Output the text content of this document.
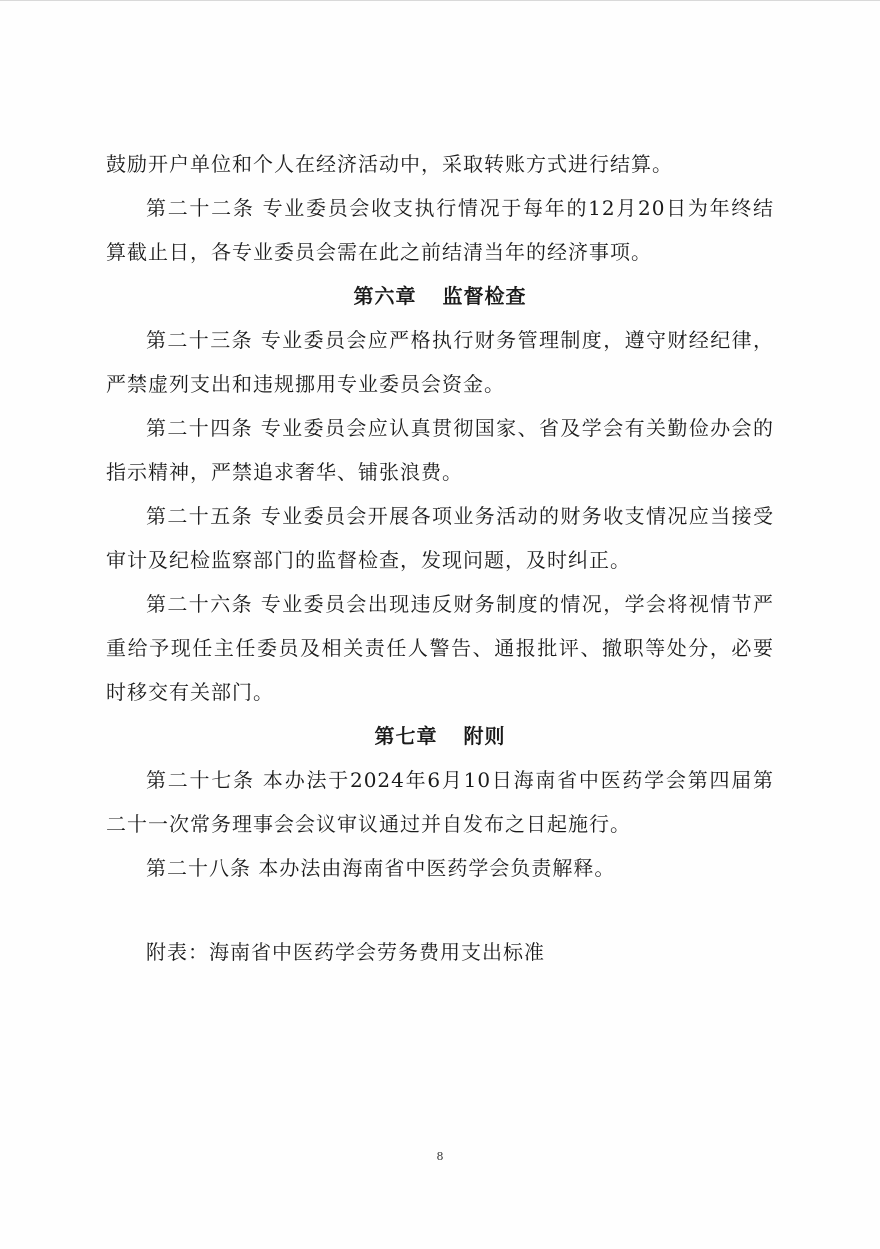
鼓励开户单位和个人在经济活动中，采取转账方式进行结算。

第二十二条 专业委员会收支执行情况于每年的12月20日为年终结算截止日，各专业委员会需在此之前结清当年的经济事项。

第六章 监督检查

第二十三条 专业委员会应严格执行财务管理制度，遵守财经纪律，严禁虚列支出和违规挪用专业委员会资金。

第二十四条 专业委员会应认真贯彻国家、省及学会有关勤俭办会的指示精神，严禁追求奢华、铺张浪费。

第二十五条 专业委员会开展各项业务活动的财务收支情况应当接受审计及纪检监察部门的监督检查，发现问题，及时纠正。

第二十六条 专业委员会出现违反财务制度的情况，学会将视情节严重给予现任主任委员及相关责任人警告、通报批评、撤职等处分，必要时移交有关部门。

第七章 附则

第二十七条 本办法于2024年6月10日海南省中医药学会第四届第二十一次常务理事会会议审议通过并自发布之日起施行。

第二十八条 本办法由海南省中医药学会负责解释。

附表：海南省中医药学会劳务费用支出标准

8
